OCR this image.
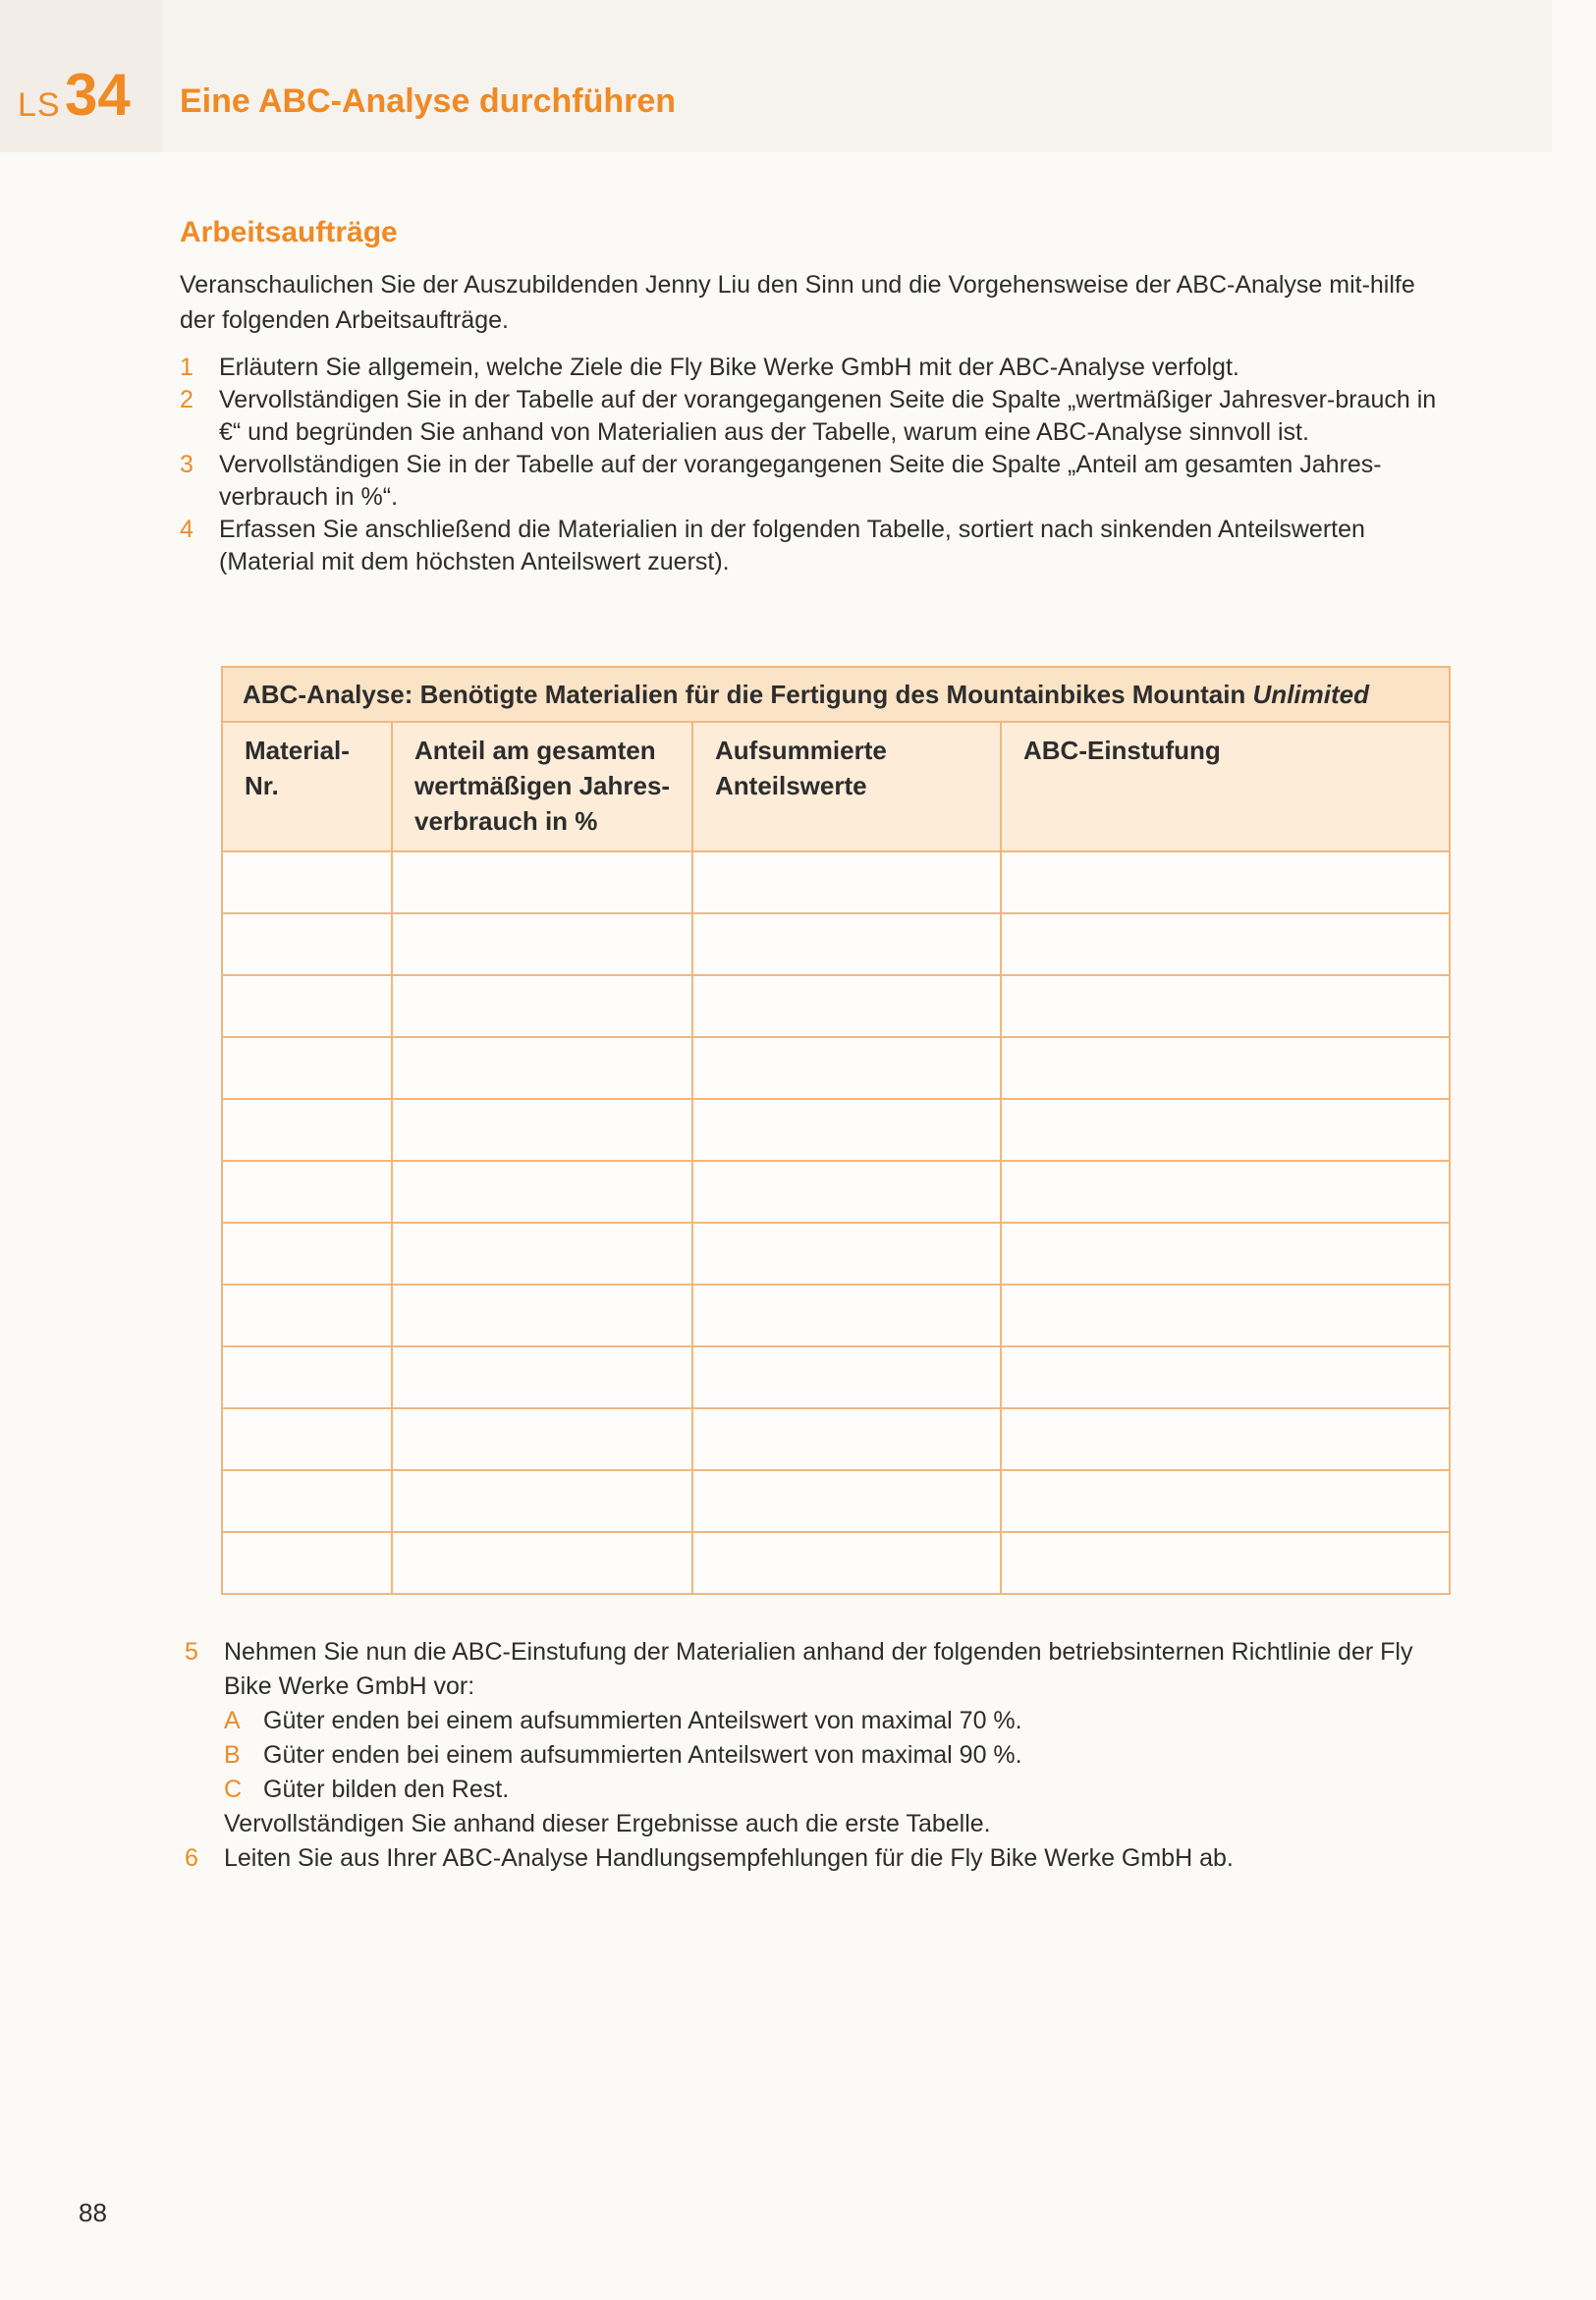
LS 34 Eine ABC-Analyse durchführen
Arbeitsaufträge

Veranschaulichen Sie der Auszubildenden Jenny Liu den Sinn und die Vorgehensweise der ABC-Analyse mit-hilfe der folgenden Arbeitsaufträge.

1	Erläutern Sie allgemein, welche Ziele die Fly Bike Werke GmbH mit der ABC-Analyse verfolgt.
2	Vervollständigen Sie in der Tabelle auf der vorangegangenen Seite die Spalte „wertmäßiger Jahresver-brauch in €“ und begründen Sie anhand von Materialien aus der Tabelle, warum eine ABC-Analyse sinnvoll ist.
3	Vervollständigen Sie in der Tabelle auf der vorangegangenen Seite die Spalte „Anteil am gesamten Jahres-verbrauch in %“.
4	Erfassen Sie anschließend die Materialien in der folgenden Tabelle, sortiert nach sinkenden Anteilswerten (Material mit dem höchsten Anteilswert zuerst).
ABC-Analyse: Benötigte Materialien für die Fertigung des Mountainbikes Mountain Unlimited			
Material-Nr.	Anteil am gesamten wertmäßigen Jahres-verbrauch in %	Aufsummierte Anteilswerte	ABC-Einstufung

5	Nehmen Sie nun die ABC-Einstufung der Materialien anhand der folgenden betriebsinternen Richtlinie der Fly Bike Werke GmbH vor:
A Güter enden bei einem aufsummierten Anteilswert von maximal 70 %.
B Güter enden bei einem aufsummierten Anteilswert von maximal 90 %.
C Güter bilden den Rest.
Vervollständigen Sie anhand dieser Ergebnisse auch die erste Tabelle.
6	Leiten Sie aus Ihrer ABC-Analyse Handlungsempfehlungen für die Fly Bike Werke GmbH ab.
88
